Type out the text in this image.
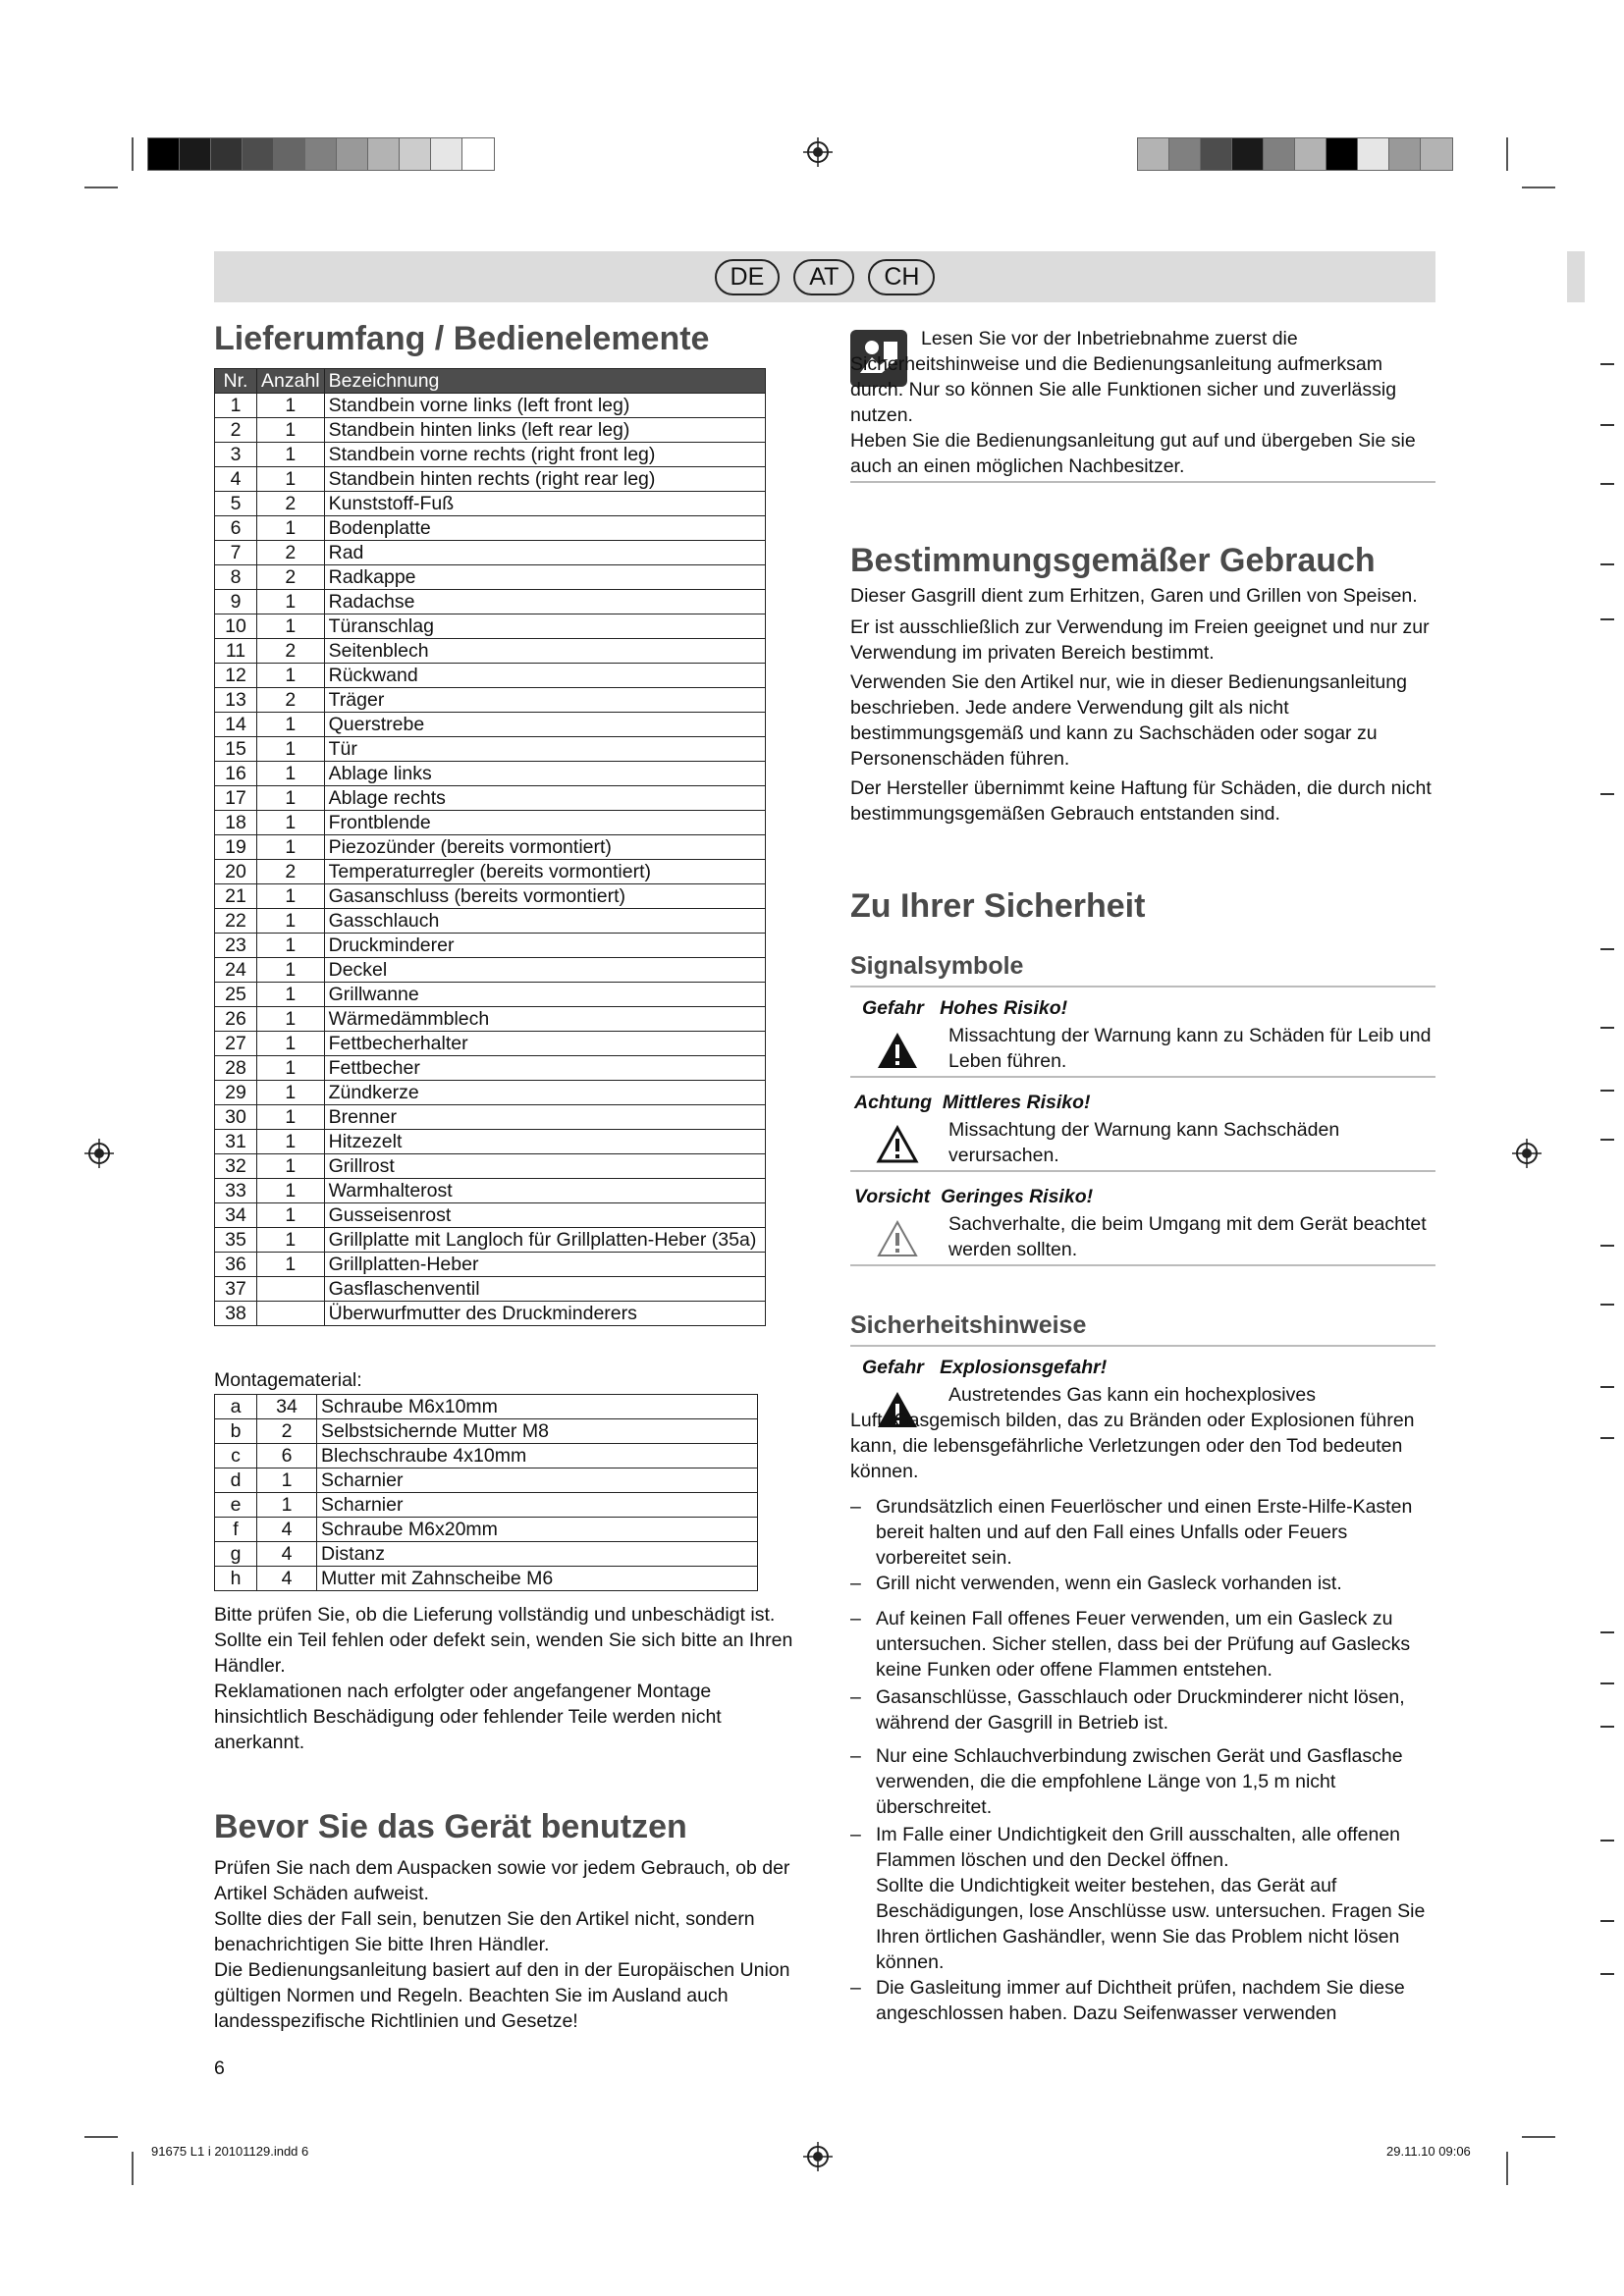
DE	AT	CH
Lieferumfang / Bedienelemente
Nr.	Anzahl	Bezeichnung
1	1	Standbein vorne links (left front leg)
2	1	Standbein hinten links (left rear leg)
3	1	Standbein vorne rechts (right front leg)
4	1	Standbein hinten rechts (right rear leg)
5	2	Kunststoff-Fuß
6	1	Bodenplatte
7	2	Rad
8	2	Radkappe
9	1	Radachse
10	1	Türanschlag
11	2	Seitenblech
12	1	Rückwand
13	2	Träger
14	1	Querstrebe
15	1	Tür
16	1	Ablage links
17	1	Ablage rechts
18	1	Frontblende
19	1	Piezozünder (bereits vormontiert)
20	2	Temperaturregler (bereits vormontiert)
21	1	Gasanschluss (bereits vormontiert)
22	1	Gasschlauch
23	1	Druckminderer
24	1	Deckel
25	1	Grillwanne
26	1	Wärmedämmblech
27	1	Fettbecherhalter
28	1	Fettbecher
29	1	Zündkerze
30	1	Brenner
31	1	Hitzezelt
32	1	Grillrost
33	1	Warmhalterost
34	1	Gusseisenrost
35	1	Grillplatte mit Langloch für Grillplatten-Heber (35a)
36	1	Grillplatten-Heber
37		Gasflaschenventil
38		Überwurfmutter des Druckminderers
Montagematerial:
a	34	Schraube M6x10mm
b	2	Selbstsichernde Mutter M8
c	6	Blechschraube 4x10mm
d	1	Scharnier
e	1	Scharnier
f	4	Schraube M6x20mm
g	4	Distanz
h	4	Mutter mit Zahnscheibe M6

Bitte prüfen Sie, ob die Lieferung vollständig und unbeschädigt ist. Sollte ein Teil fehlen oder defekt sein, wenden Sie sich bitte an Ihren Händler.

Reklamationen nach erfolgter oder angefangener Montage hinsichtlich Beschädigung oder fehlender Teile werden nicht anerkannt.

Bevor Sie das Gerät benutzen

Prüfen Sie nach dem Auspacken sowie vor jedem Gebrauch, ob der Artikel Schäden aufweist.

Sollte dies der Fall sein, benutzen Sie den Artikel nicht, sondern benachrichtigen Sie bitte Ihren Händler.

Die Bedienungsanleitung basiert auf den in der Europäischen Union gültigen Normen und Regeln. Beachten Sie im Ausland auch landesspezifische Richtlinien und Gesetze!

6

Lesen Sie vor der Inbetriebnahme zuerst die Sicherheitshinweise und die Bedienungsanleitung aufmerksam durch. Nur so können Sie alle Funktionen sicher und zuverlässig nutzen.

Heben Sie die Bedienungsanleitung gut auf und übergeben Sie sie auch an einen möglichen Nachbesitzer.

Bestimmungsgemäßer Gebrauch

Dieser Gasgrill dient zum Erhitzen, Garen und Grillen von Speisen.

Er ist ausschließlich zur Verwendung im Freien geeignet und nur zur Verwendung im privaten Bereich bestimmt.

Verwenden Sie den Artikel nur, wie in dieser Bedienungsanleitung beschrieben. Jede andere Verwendung gilt als nicht bestimmungsgemäß und kann zu Sachschäden oder sogar zu Personenschäden führen.

Der Hersteller übernimmt keine Haftung für Schäden, die durch nicht bestimmungsgemäßen Gebrauch entstanden sind.

Zu Ihrer Sicherheit
Signalsymbole
Gefahr Hohes Risiko!
Missachtung der Warnung kann zu Schäden für Leib und Leben führen.
Achtung Mittleres Risiko!
Missachtung der Warnung kann Sachschäden verursachen.
Vorsicht Geringes Risiko!
Sachverhalte, die beim Umgang mit dem Gerät beachtet werden sollten.
Sicherheitshinweise
Gefahr Explosionsgefahr!
Austretendes Gas kann ein hochexplosives Luft-/Gasgemisch bilden, das zu Bränden oder Explosionen führen kann, die lebensgefährliche Verletzungen oder den Tod bedeuten können.
– Grundsätzlich einen Feuerlöscher und einen Erste-Hilfe-Kasten bereit halten und auf den Fall eines Unfalls oder Feuers vorbereitet sein.
– Grill nicht verwenden, wenn ein Gasleck vorhanden ist.
– Auf keinen Fall offenes Feuer verwenden, um ein Gasleck zu untersuchen. Sicher stellen, dass bei der Prüfung auf Gaslecks keine Funken oder offene Flammen entstehen.
– Gasanschlüsse, Gasschlauch oder Druckminderer nicht lösen, während der Gasgrill in Betrieb ist.
– Nur eine Schlauchverbindung zwischen Gerät und Gasflasche verwenden, die die empfohlene Länge von 1,5 m nicht überschreitet.
– Im Falle einer Undichtigkeit den Grill ausschalten, alle offenen Flammen löschen und den Deckel öffnen.
Sollte die Undichtigkeit weiter bestehen, das Gerät auf Beschädigungen, lose Anschlüsse usw. untersuchen. Fragen Sie Ihren örtlichen Gashändler, wenn Sie das Problem nicht lösen können.
– Die Gasleitung immer auf Dichtheit prüfen, nachdem Sie diese angeschlossen haben. Dazu Seifenwasser verwenden
91675 L1 i 20101129.indd 6	29.11.10 09:06
